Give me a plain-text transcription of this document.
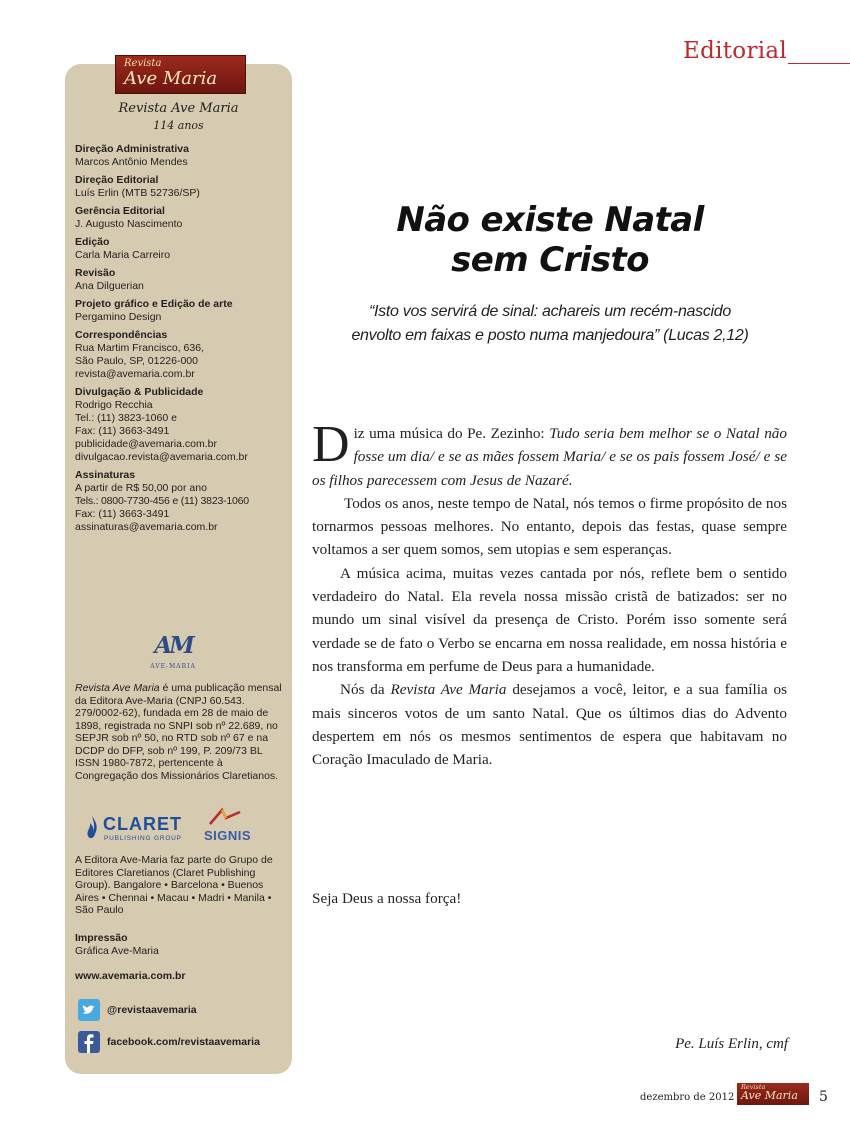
Editorial
Revista
Ave Maria
Revista Ave Maria
114 anos
Direção Administrativa
Marcos Antônio Mendes
Direção Editorial
Luís Erlin (MTB 52736/SP)
Gerência Editorial
J. Augusto Nascimento
Edição
Carla Maria Carreiro
Revisão
Ana Dilguerian
Projeto gráfico e Edição de arte
Pergamino Design
Correspondências
Rua Martim Francisco, 636,
São Paulo, SP, 01226-000
revista@avemaria.com.br
Divulgação & Publicidade
Rodrigo Recchia
Tel.: (11) 3823-1060 e
Fax: (11) 3663-3491
publicidade@avemaria.com.br
divulgacao.revista@avemaria.com.br
Assinaturas
A partir de R$ 50,00 por ano
Tels.: 0800-7730-456 e (11) 3823-1060
Fax: (11) 3663-3491
assinaturas@avemaria.com.br
AM
AVE-MARIA
Revista Ave Maria é uma publicação mensal da Editora Ave-Maria (CNPJ 60.543. 279/0002-62), fundada em 28 de maio de 1898, registrada no SNPI sob nº 22.689, no SEPJR sob nº 50, no RTD sob nº 67 e na DCDP do DFP, sob nº 199, P. 209/73 BL ISSN 1980-7872, pertencente à Congregação dos Missionários Claretianos.
CLARET
PUBLISHING GROUP SIGNIS
A Editora Ave-Maria faz parte do Grupo de Editores Claretianos (Claret Publishing Group). Bangalore • Barcelona • Buenos Aires • Chennai • Macau • Madri • Manila • São Paulo
Impressão
Gráfica Ave-Maria
www.avemaria.com.br
@revistaavemaria
facebook.com/revistaavemaria
Não existe Natal
sem Cristo
“Isto vos servirá de sinal: achareis um recém-nascido
envolto em faixas e posto numa manjedoura” (Lucas 2,12)

Diz uma música do Pe. Zezinho: Tudo seria bem melhor se o Natal não fosse um dia/ e se as mães fossem Maria/ e se os pais fossem José/ e se os filhos parecessem com Jesus de Nazaré.

Todos os anos, neste tempo de Natal, nós temos o firme propósito de nos tornarmos pessoas melhores. No entanto, depois das festas, quase sempre voltamos a ser quem somos, sem utopias e sem esperanças.

A música acima, muitas vezes cantada por nós, reflete bem o sentido verdadeiro do Natal. Ela revela nossa missão cristã de batizados: ser no mundo um sinal visível da presença de Cristo. Porém isso somente será verdade se de fato o Verbo se encarna em nossa realidade, em nossa história e nos transforma em perfume de Deus para a humanidade.

Nós da Revista Ave Maria desejamos a você, leitor, e a sua família os mais sinceros votos de um santo Natal. Que os últimos dias do Advento despertem em nós os mesmos sentimentos de espera que habitavam no Coração Imaculado de Maria.

Seja Deus a nossa força!
Pe. Luís Erlin, cmf
dezembro de 2012
Revista
Ave Maria 5
